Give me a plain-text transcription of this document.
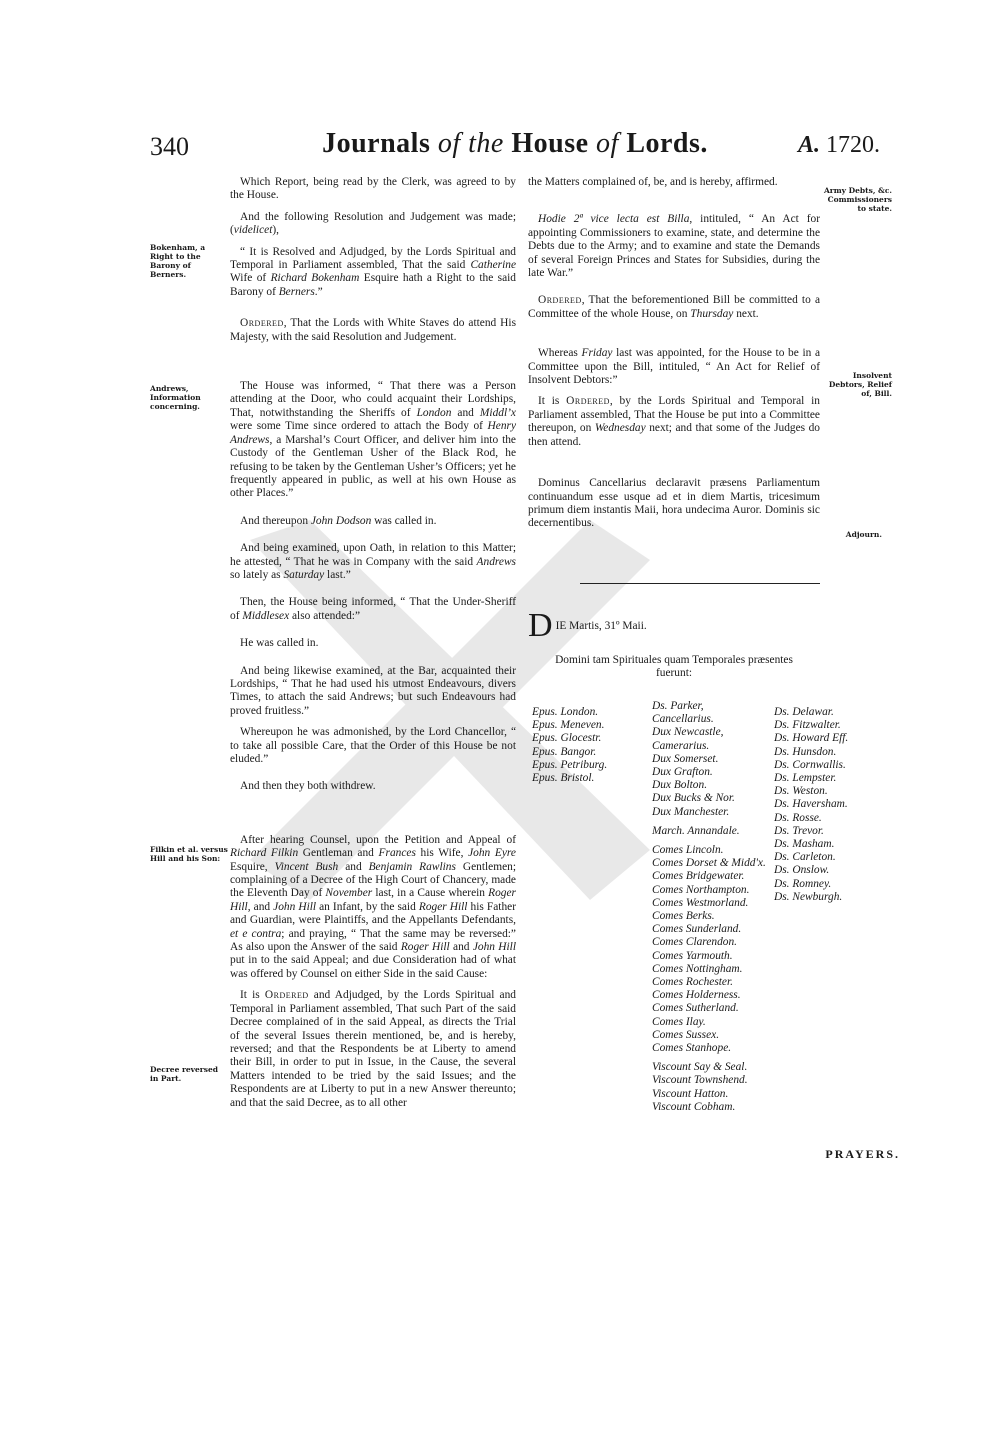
340	Journals of the House of Lords.	A. 1720.
Bokenham, a Right to the Barony of Berners.
Andrews, Information concerning.
Filkin et al. versus Hill and his Son:
Decree reversed in Part.
Army Debts, &c. Commissioners to state.
Insolvent Debtors, Relief of, Bill.
Adjourn.

Which Report, being read by the Clerk, was agreed to by the House.

And the following Resolution and Judgement was made; (videlicet),

“ It is Resolved and Adjudged, by the Lords Spiritual and Temporal in Parliament assembled, That the said Catherine Wife of Richard Bokenham Esquire hath a Right to the said Barony of Berners.”

Ordered, That the Lords with White Staves do attend His Majesty, with the said Resolution and Judgement.

The House was informed, “ That there was a Person attending at the Door, who could acquaint their Lordships, That, notwithstanding the Sheriffs of London and Middl’x were some Time since ordered to attach the Body of Henry Andrews, a Marshal’s Court Officer, and deliver him into the Custody of the Gentleman Usher of the Black Rod, he refusing to be taken by the Gentleman Usher’s Officers; yet he frequently appeared in public, as well at his own House as other Places.”

And thereupon John Dodson was called in.

And being examined, upon Oath, in relation to this Matter; he attested, “ That he was in Company with the said Andrews so lately as Saturday last.”

Then, the House being informed, “ That the Under-Sheriff of Middlesex also attended:”

He was called in.

And being likewise examined, at the Bar, acquainted their Lordships, “ That he had used his utmost Endeavours, divers Times, to attach the said Andrews; but such Endeavours had proved fruitless.”

Whereupon he was admonished, by the Lord Chancellor, “ to take all possible Care, that the Order of this House be not eluded.”

And then they both withdrew.

After hearing Counsel, upon the Petition and Appeal of Richard Filkin Gentleman and Frances his Wife, John Eyre Esquire, Vincent Bush and Benjamin Rawlins Gentlemen; complaining of a Decree of the High Court of Chancery, made the Eleventh Day of November last, in a Cause wherein Roger Hill, and John Hill an Infant, by the said Roger Hill his Father and Guardian, were Plaintiffs, and the Appellants Defendants, et e contra; and praying, “ That the same may be reversed:” As also upon the Answer of the said Roger Hill and John Hill put in to the said Appeal; and due Consideration had of what was offered by Counsel on either Side in the said Cause:

It is Ordered and Adjudged, by the Lords Spiritual and Temporal in Parliament assembled, That such Part of the said Decree complained of in the said Appeal, as directs the Trial of the several Issues therein mentioned, be, and is hereby, reversed; and that the Respondents be at Liberty to amend their Bill, in order to put in Issue, in the Cause, the several Matters intended to be tried by the said Issues; and the Respondents are at Liberty to put in a new Answer thereunto; and that the said Decree, as to all other

the Matters complained of, be, and is hereby, affirmed.

Hodie 2ª vice lecta est Billa, intituled, “ An Act for appointing Commissioners to examine, state, and determine the Debts due to the Army; and to examine and state the Demands of several Foreign Princes and States for Subsidies, during the late War.”

Ordered, That the beforementioned Bill be committed to a Committee of the whole House, on Thursday next.

Whereas Friday last was appointed, for the House to be in a Committee upon the Bill, intituled, “ An Act for Relief of Insolvent Debtors:”

It is Ordered, by the Lords Spiritual and Temporal in Parliament assembled, That the House be put into a Committee thereupon, on Wednesday next; and that some of the Judges do then attend.

Dominus Cancellarius declaravit præsens Parliamentum continuandum esse usque ad et in diem Martis, tricesimum primum diem instantis Maii, hora undecima Auror. Dominis sic decernentibus.

D IE Martis, 31º Maii.
Domini tam Spirituales quam Temporales præsentes fuerunt:
Epus. London.
Epus. Meneven.
Epus. Glocestr.
Epus. Bangor.
Epus. Petriburg.
Epus. Bristol.
Ds. Parker, Cancellarius.
Dux Newcastle, Camerarius.
Dux Somerset.
Dux Grafton.
Dux Bolton.
Dux Bucks & Nor.
Dux Manchester.
March. Annandale.
Comes Lincoln.
Comes Dorset & Midd'x.
Comes Bridgewater.
Comes Northampton.
Comes Westmorland.
Comes Berks.
Comes Sunderland.
Comes Clarendon.
Comes Yarmouth.
Comes Nottingham.
Comes Rochester.
Comes Holderness.
Comes Sutherland.
Comes Ilay.
Comes Sussex.
Comes Stanhope.
Viscount Say & Seal.
Viscount Townshend.
Viscount Hatton.
Viscount Cobham.
Ds. Delawar.
Ds. Fitzwalter.
Ds. Howard Eff.
Ds. Hunsdon.
Ds. Cornwallis.
Ds. Lempster.
Ds. Weston.
Ds. Haversham.
Ds. Rosse.
Ds. Trevor.
Ds. Masham.
Ds. Carleton.
Ds. Onslow.
Ds. Romney.
Ds. Newburgh.
PRAYERS.
